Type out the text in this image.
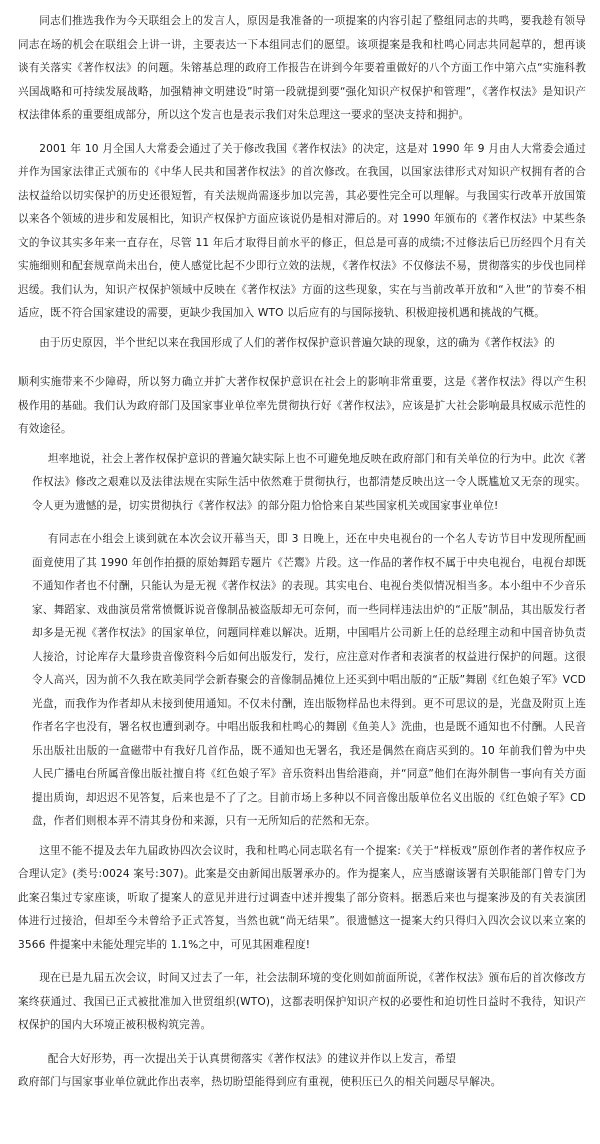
同志们推选我作为今天联组会上的发言人，原因是我准备的一项提案的内容引起了整组同志的共鸣，要我趁有领导同志在场的机会在联组会上讲一讲，主要表达一下本组同志们的愿望。该项提案是我和杜鸣心同志共同起草的，想再谈谈有关落实《著作权法》的问题。朱镕基总理的政府工作报告在讲到今年要着重做好的八个方面工作中第六点“实施科教兴国战略和可持续发展战略，加强精神文明建设”时第一段就提到要“强化知识产权保护和管理”，《著作权法》是知识产权法律体系的重要组成部分，所以这个发言也是表示我们对朱总理这一要求的坚决支持和拥护。

2001 年 10 月全国人大常委会通过了关于修改我国《著作权法》的决定，这是对 1990 年 9 月由人大常委会通过并作为国家法律正式颁布的《中华人民共和国著作权法》的首次修改。在我国，以国家法律形式对知识产权拥有者的合法权益给以切实保护的历史还很短暂，有关法规尚需逐步加以完善，其必要性完全可以理解。与我国实行改革开放国策以来各个领域的进步和发展相比，知识产权保护方面应该说仍是相对滞后的。对 1990 年颁布的《著作权法》中某些条文的争议其实多年来一直存在，尽管 11 年后才取得目前水平的修正，但总是可喜的成绩;不过修法后已历经四个月有关实施细则和配套规章尚未出台，使人感觉比起不少即行立效的法规，《著作权法》不仅修法不易，贯彻落实的步伐也同样迟缓。我们认为，知识产权保护领域中反映在《著作权法》方面的这些现象，实在与当前改革开放和“入世”的节奏不相适应，既不符合国家建设的需要，更缺少我国加入 WTO 以后应有的与国际接轨、积极迎接机遇和挑战的气概。

由于历史原因，半个世纪以来在我国形成了人们的著作权保护意识普遍欠缺的现象，这的确为《著作权法》的

顺利实施带来不少障碍，所以努力确立并扩大著作权保护意识在社会上的影响非常重要，这是《著作权法》得以产生积极作用的基础。我们认为政府部门及国家事业单位率先贯彻执行好《著作权法》，应该是扩大社会影响最具权威示范性的有效途径。

坦率地说，社会上著作权保护意识的普遍欠缺实际上也不可避免地反映在政府部门和有关单位的行为中。此次《著作权法》修改之艰难以及法律法规在实际生活中依然难于贯彻执行，也都清楚反映出这一令人既尴尬又无奈的现实。令人更为遗憾的是，切实贯彻执行《著作权法》的部分阻力恰恰来自某些国家机关或国家事业单位!

有同志在小组会上谈到就在本次会议开幕当天，即 3 日晚上，还在中央电视台的一个名人专访节目中发现所配画面竟使用了其 1990 年创作拍摄的原始舞蹈专题片《芒鬻》片段。这一作品的著作权不属于中央电视台，电视台却既不通知作者也不付酬，只能认为是无视《著作权法》的表现。其实电台、电视台类似情况相当多。本小组中不少音乐家、舞蹈家、戏曲演员常常愤慨诉说音像制品被盗版却无可奈何，而一些同样违法出炉的“正版”制品，其出版发行者却多是无视《著作权法》的国家单位，问题同样难以解决。近期，中国唱片公司新上任的总经理主动和中国音协负责人接洽，讨论库存大量珍贵音像资料今后如何出版发行，发行，应注意对作者和表演者的权益进行保护的问题。这很令人高兴，因为前不久我在欧美同学会新春聚会的音像制品摊位上还买到中唱出版的“正版”舞剧《红色娘子军》VCD 光盘，而我作为作者却从未接到使用通知。不仅未付酬，连出版物样品也未得到。更不可思议的是，光盘及附页上连作者名字也没有，署名权也遭到剥夺。中唱出版我和杜鸣心的舞剧《鱼美人》洗曲，也是既不通知也不付酬。人民音乐出版社出版的一盒磁带中有我好几首作品，既不通知也无署名，我还是偶然在商店买到的。10 年前我们曾为中央人民广播电台所属音像出版社擅自将《红色娘子军》音乐资料出售给港商，并“同意”他们在海外制售一事向有关方面提出质询，却迟迟不见答复，后来也是不了了之。目前市场上多种以不同音像出版单位名义出版的《红色娘子军》CD 盘，作者们则根本弄不清其身份和来源，只有一无所知后的茫然和无奈。

这里不能不提及去年九届政协四次会议时，我和杜鸣心同志联名有一个提案:《关于“样板戏”原创作者的著作权应予合理认定》(类号:0024 案号:307)。此案是交由新闻出版署承办的。作为提案人，应当感谢该署有关职能部门曾专门为此案召集过专家座谈，听取了提案人的意见并进行过调查中述并搜集了部分资料。据悉后来也与提案涉及的有关表演团体进行过接洽，但却至今未曾给予正式答复，当然也就“尚无结果”。很遗憾这一提案大约只得归入四次会议以来立案的 3566 件提案中未能处理完毕的 1.1%之中，可见其困难程度!

现在已是九届五次会议，时间又过去了一年，社会法制环境的变化则如前面所说，《著作权法》颁布后的首次修改方案终获通过、我国已正式被批准加入世贸组织(WTO)，这都表明保护知识产权的必要性和迫切性日益时不我待，知识产权保护的国内大环境正被积极构筑完善。

配合大好形势，再一次提出关于认真贯彻落实《著作权法》的建议并作以上发言，希望

政府部门与国家事业单位就此作出表率，热切盼望能得到应有重视，使积压已久的相关问题尽早解决。
